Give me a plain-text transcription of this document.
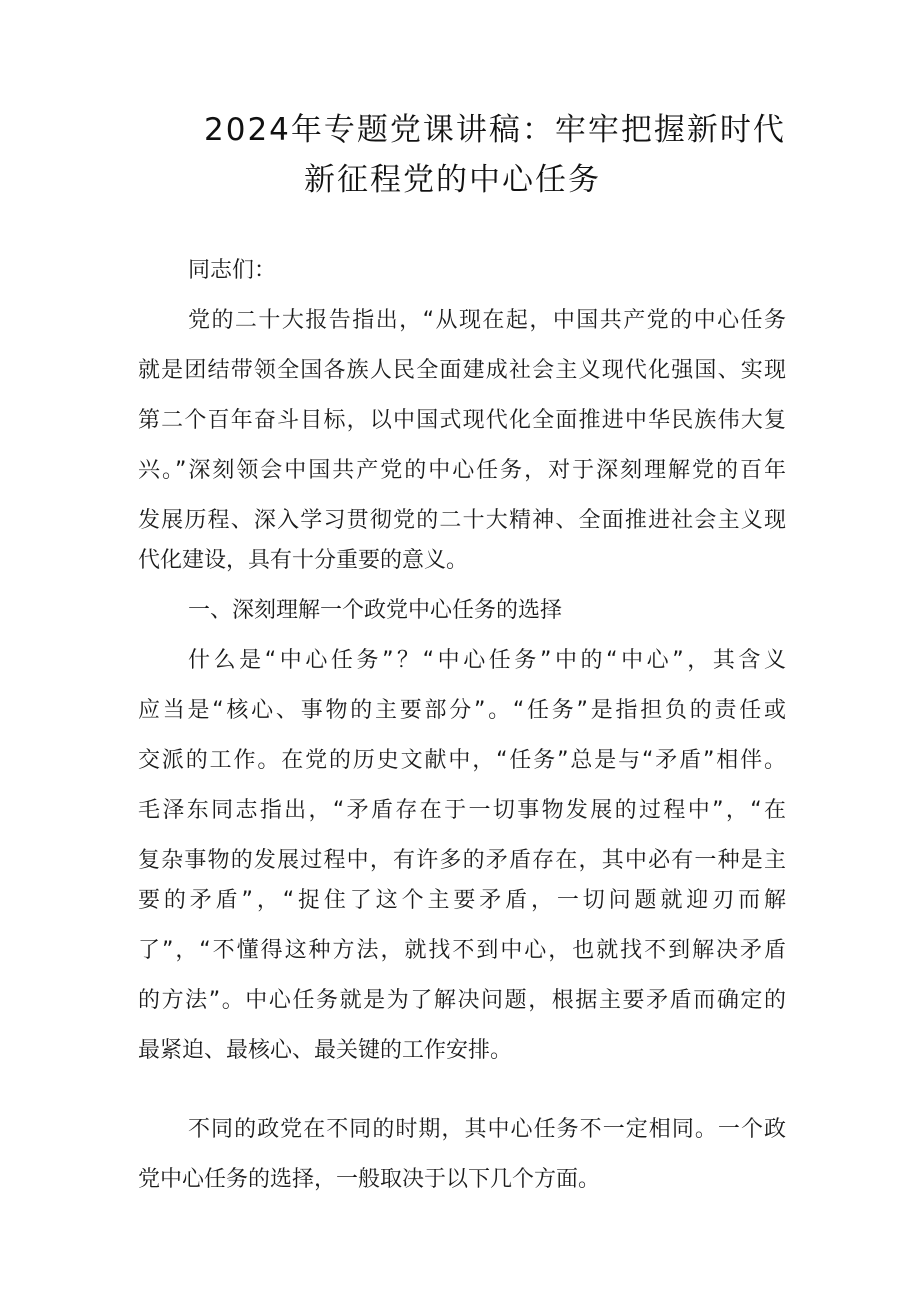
2024年专题党课讲稿：牢牢把握新时代
新征程党的中心任务
同志们：
党的二十大报告指出，“从现在起，中国共产党的中心任务
就是团结带领全国各族人民全面建成社会主义现代化强国、实现
第二个百年奋斗目标，以中国式现代化全面推进中华民族伟大复
兴。”深刻领会中国共产党的中心任务，对于深刻理解党的百年
发展历程、深入学习贯彻党的二十大精神、全面推进社会主义现
代化建设，具有十分重要的意义。
一、深刻理解一个政党中心任务的选择
什么是“中心任务”？“中心任务”中的“中心”，其含义
应当是“核心、事物的主要部分”。“任务”是指担负的责任或
交派的工作。在党的历史文献中，“任务”总是与“矛盾”相伴。
毛泽东同志指出，“矛盾存在于一切事物发展的过程中”，“在
复杂事物的发展过程中，有许多的矛盾存在，其中必有一种是主
要的矛盾”，“捉住了这个主要矛盾，一切问题就迎刃而解
了”，“不懂得这种方法，就找不到中心，也就找不到解决矛盾
的方法”。中心任务就是为了解决问题，根据主要矛盾而确定的
最紧迫、最核心、最关键的工作安排。
不同的政党在不同的时期，其中心任务不一定相同。一个政
党中心任务的选择，一般取决于以下几个方面。
